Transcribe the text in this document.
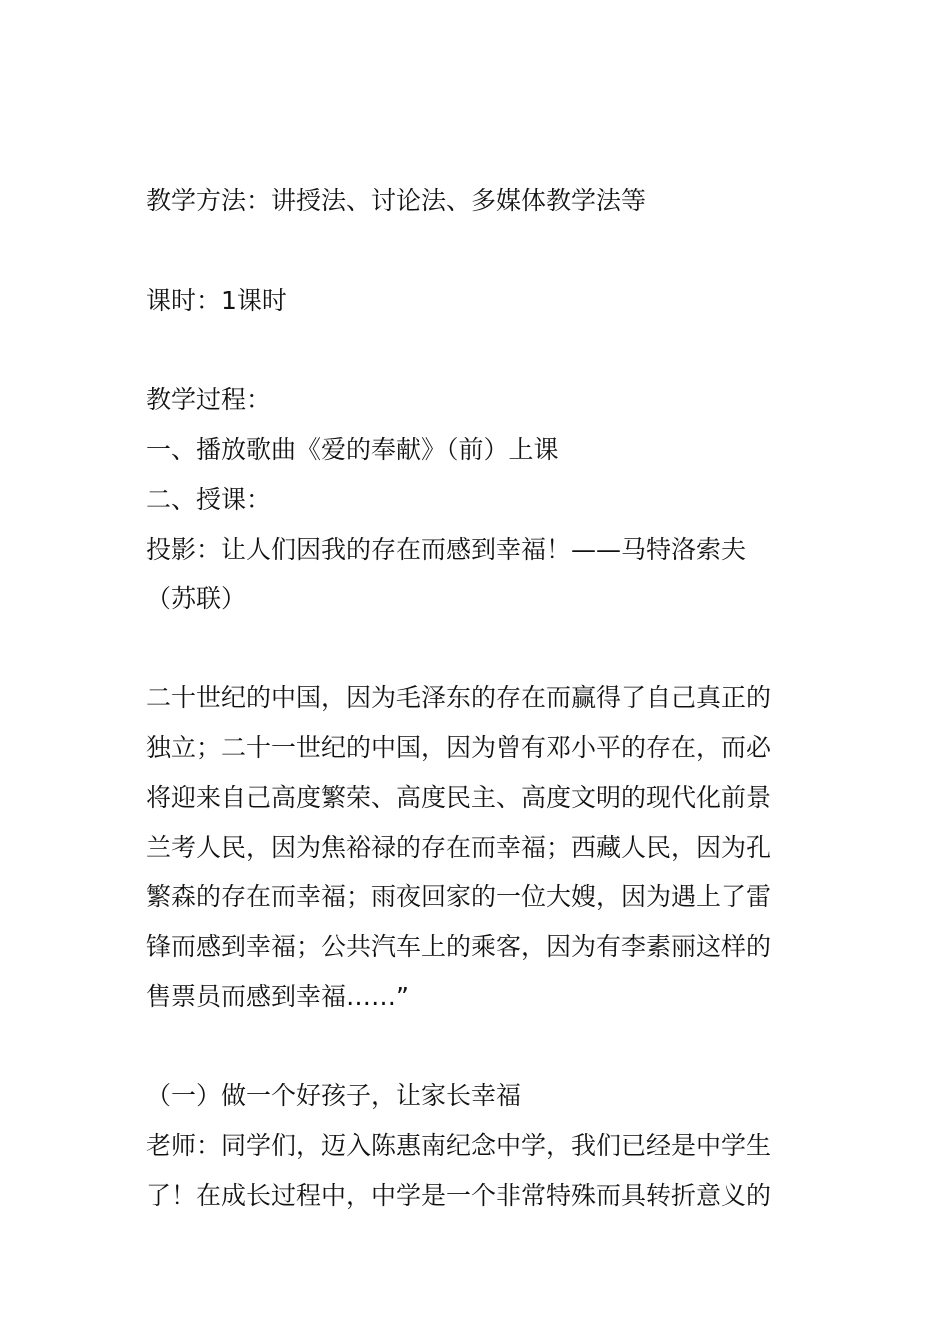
教学方法：讲授法、讨论法、多媒体教学法等
课时：1课时
教学过程：
一、播放歌曲《爱的奉献》（前）上课
二、授课：
投影：让人们因我的存在而感到幸福！——马特洛索夫
（苏联）
二十世纪的中国，因为毛泽东的存在而赢得了自己真正的
独立；二十一世纪的中国，因为曾有邓小平的存在，而必
将迎来自己高度繁荣、高度民主、高度文明的现代化前景
兰考人民，因为焦裕禄的存在而幸福；西藏人民，因为孔
繁森的存在而幸福；雨夜回家的一位大嫂，因为遇上了雷
锋而感到幸福；公共汽车上的乘客，因为有李素丽这样的
售票员而感到幸福……”
（一）做一个好孩子，让家长幸福
老师：同学们，迈入陈惠南纪念中学，我们已经是中学生
了！在成长过程中，中学是一个非常特殊而具转折意义的
